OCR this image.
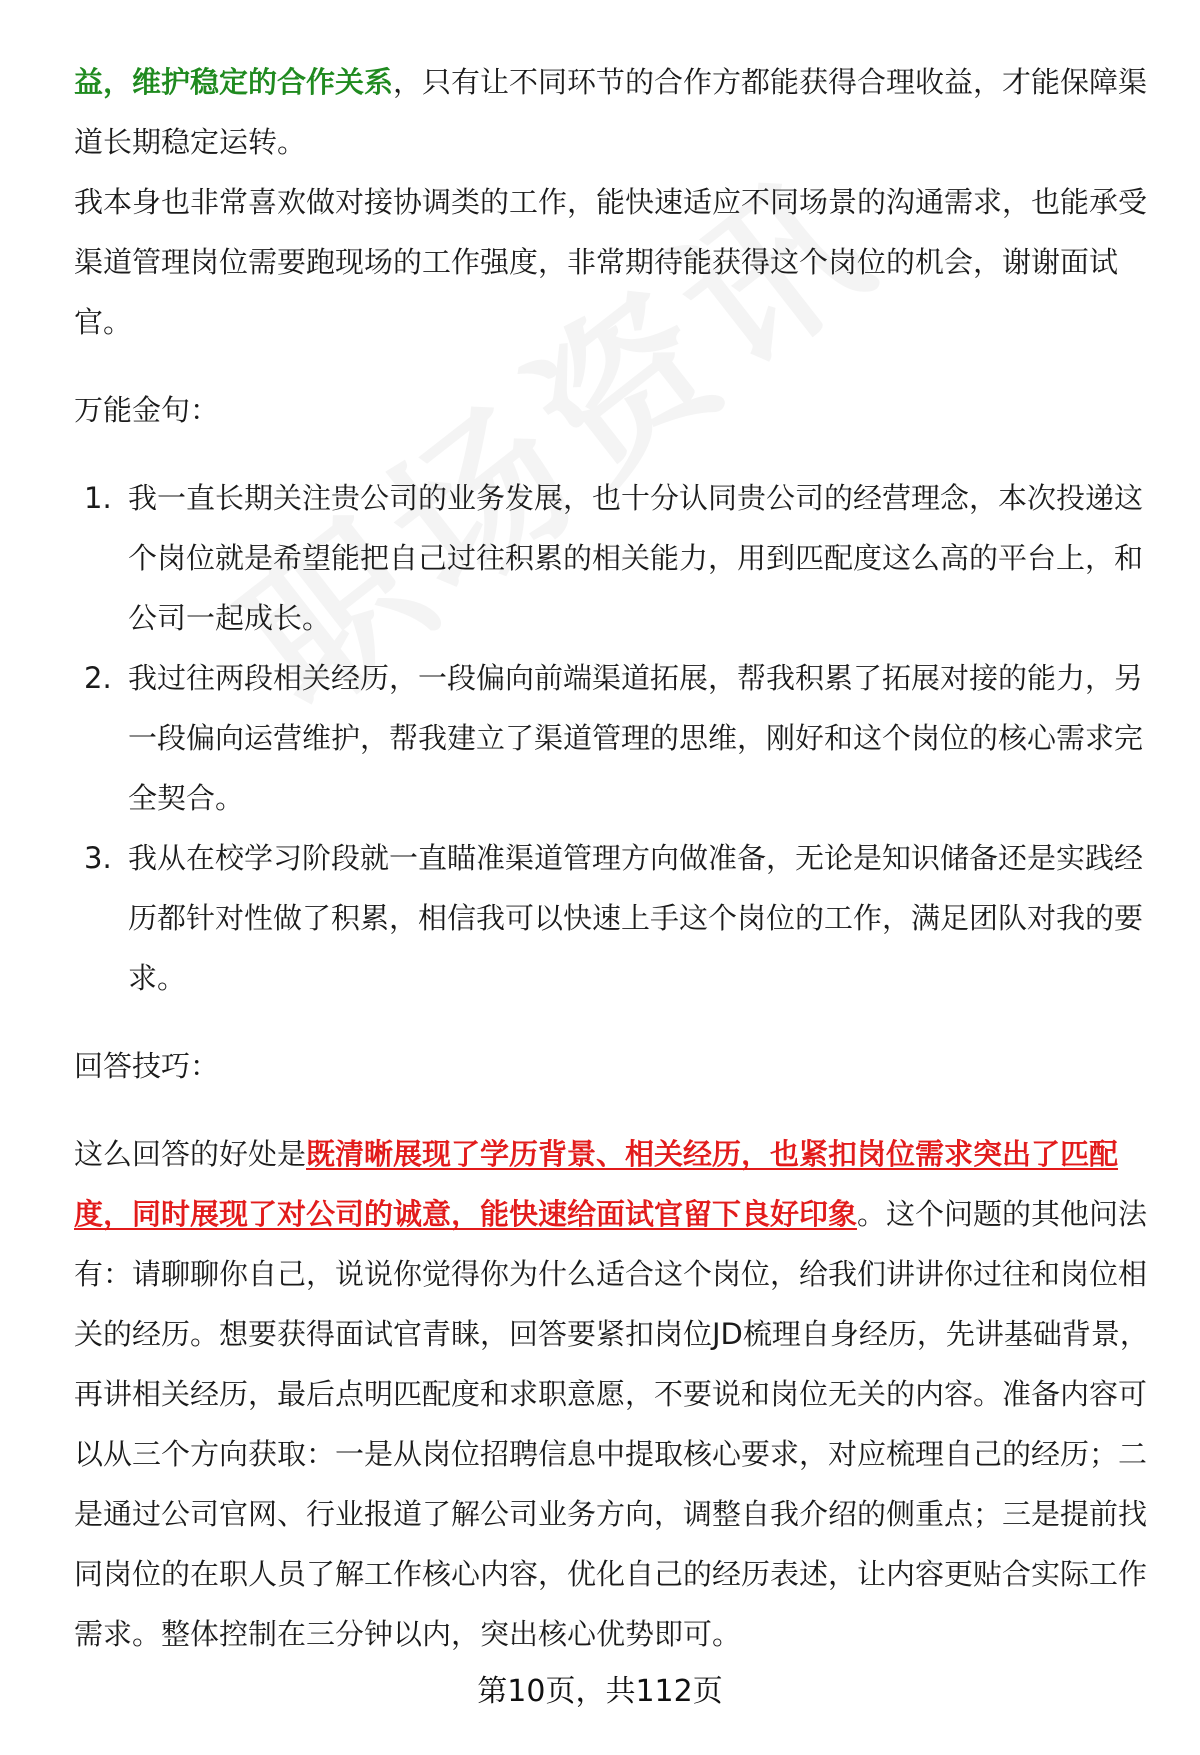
益，维护稳定的合作关系，只有让不同环节的合作方都能获得合理收益，才能保障渠道长期稳定运转。

我本身也非常喜欢做对接协调类的工作，能快速适应不同场景的沟通需求，也能承受渠道管理岗位需要跑现场的工作强度，非常期待能获得这个岗位的机会，谢谢面试官。

万能金句：

1. 我一直长期关注贵公司的业务发展，也十分认同贵公司的经营理念，本次投递这个岗位就是希望能把自己过往积累的相关能力，用到匹配度这么高的平台上，和公司一起成长。
2. 我过往两段相关经历，一段偏向前端渠道拓展，帮我积累了拓展对接的能力，另一段偏向运营维护，帮我建立了渠道管理的思维，刚好和这个岗位的核心需求完全契合。
3. 我从在校学习阶段就一直瞄准渠道管理方向做准备，无论是知识储备还是实践经历都针对性做了积累，相信我可以快速上手这个岗位的工作，满足团队对我的要求。

回答技巧：

这么回答的好处是既清晰展现了学历背景、相关经历，也紧扣岗位需求突出了匹配度，同时展现了对公司的诚意，能快速给面试官留下良好印象。这个问题的其他问法有：请聊聊你自己，说说你觉得你为什么适合这个岗位，给我们讲讲你过往和岗位相关的经历。想要获得面试官青睐，回答要紧扣岗位JD梳理自身经历，先讲基础背景，再讲相关经历，最后点明匹配度和求职意愿，不要说和岗位无关的内容。准备内容可以从三个方向获取：一是从岗位招聘信息中提取核心要求，对应梳理自己的经历；二是通过公司官网、行业报道了解公司业务方向，调整自我介绍的侧重点；三是提前找同岗位的在职人员了解工作核心内容，优化自己的经历表述，让内容更贴合实际工作需求。整体控制在三分钟以内，突出核心优势即可。

第10页，共112页
